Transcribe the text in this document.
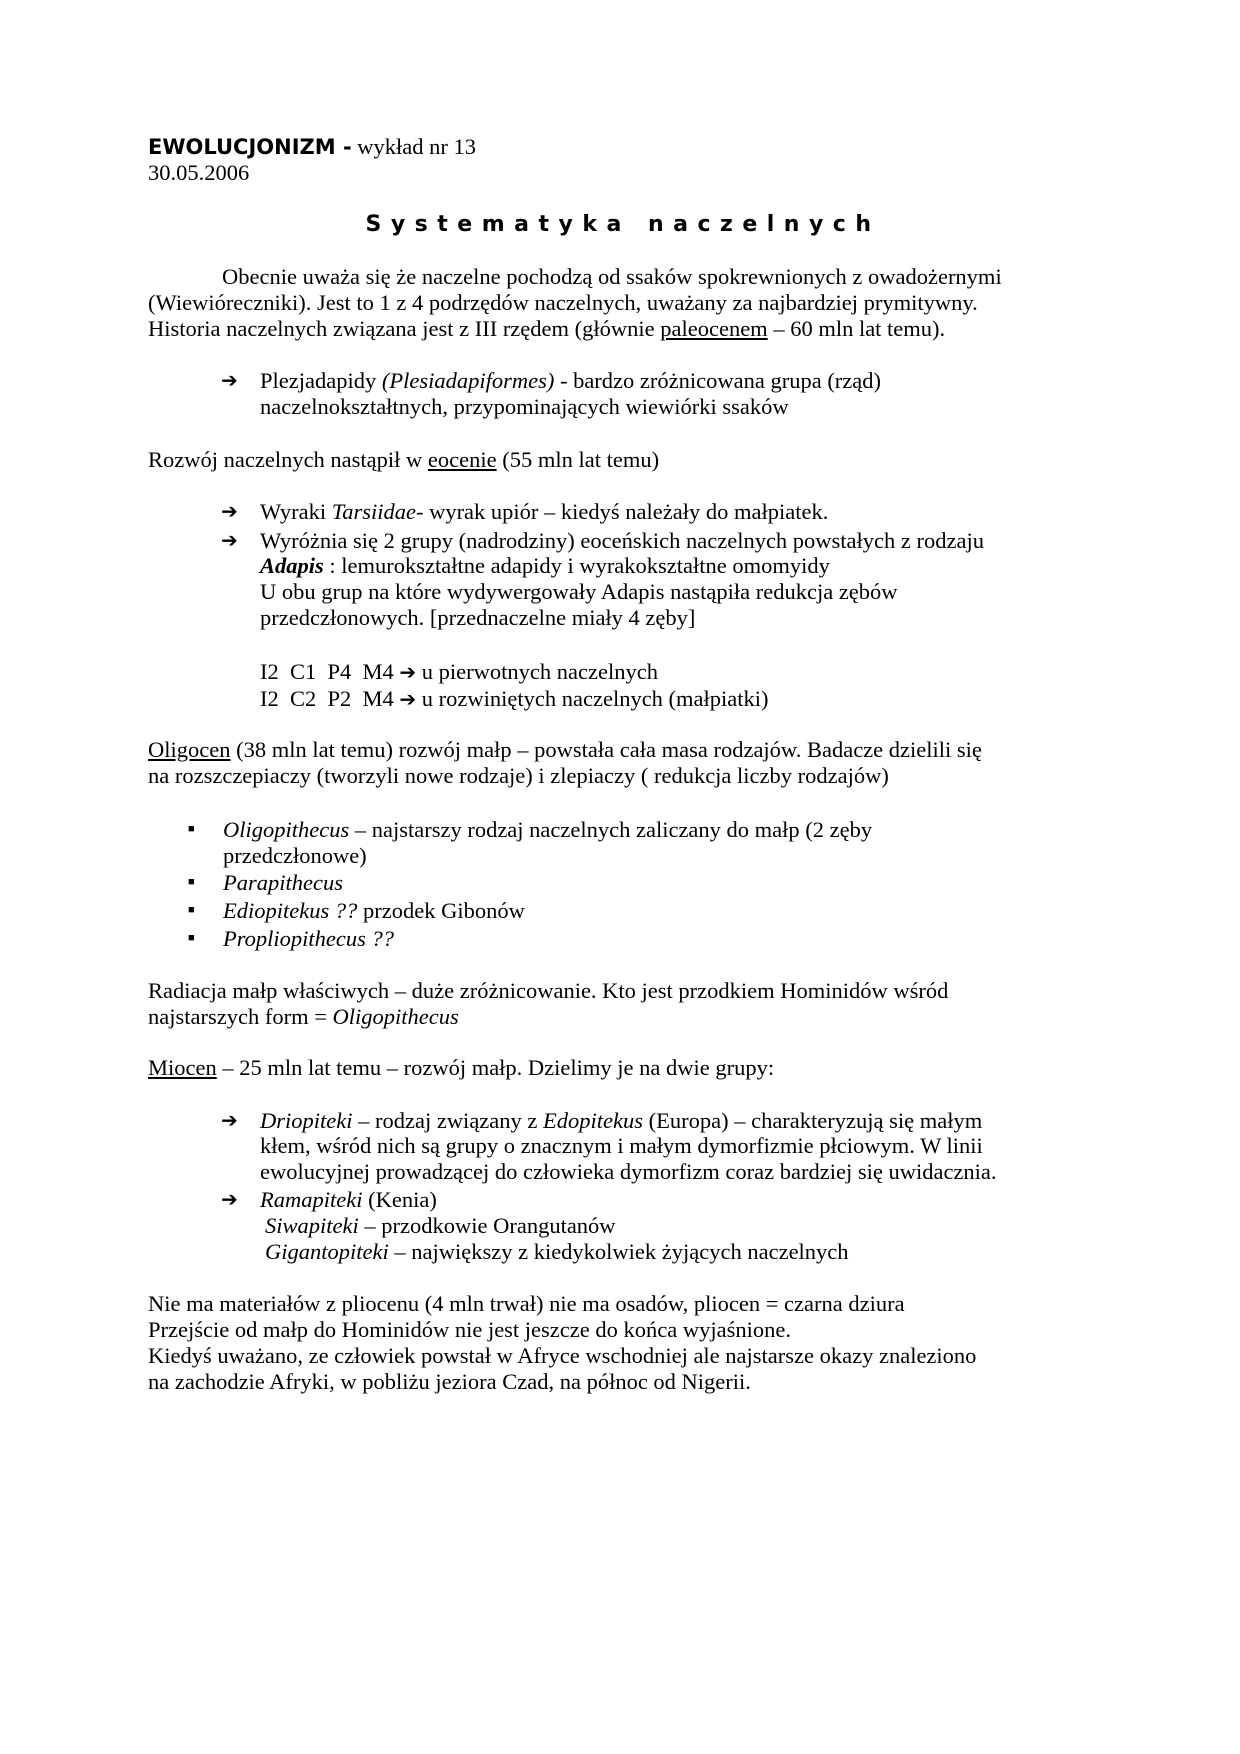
EWOLUCJONIZM - wykład nr 13
30.05.2006
Systematyka naczelnych
Obecnie uważa się że naczelne pochodzą od ssaków spokrewnionych z owadożernymi
(Wiewióreczniki). Jest to 1 z 4 podrzędów naczelnych, uważany za najbardziej prymitywny.
Historia naczelnych związana jest z III rzędem (głównie paleocenem – 60 mln lat temu).
➔ Plezjadapidy (Plesiadapiformes) - bardzo zróżnicowana grupa (rząd)
naczelnokształtnych, przypominających wiewiórki ssaków
Rozwój naczelnych nastąpił w eocenie (55 mln lat temu)
➔ Wyraki Tarsiidae- wyrak upiór – kiedyś należały do małpiatek.
➔ Wyróżnia się 2 grupy (nadrodziny) eoceńskich naczelnych powstałych z rodzaju
Adapis : lemurokształtne adapidy i wyrakokształtne omomyidy
U obu grup na które wydywergowały Adapis nastąpiła redukcja zębów
przedczłonowych. [przednaczelne miały 4 zęby]
I2  C1  P4  M4 ➔ u pierwotnych naczelnych
I2  C2  P2  M4 ➔ u rozwiniętych naczelnych (małpiatki)
Oligocen (38 mln lat temu) rozwój małp – powstała cała masa rodzajów. Badacze dzielili się
na rozszczepiaczy (tworzyli nowe rodzaje) i zlepiaczy ( redukcja liczby rodzajów)
■ Oligopithecus – najstarszy rodzaj naczelnych zaliczany do małp (2 zęby
przedczłonowe)
■ Parapithecus
■ Ediopitekus ?? przodek Gibonów
■ Propliopithecus ??
Radiacja małp właściwych – duże zróżnicowanie. Kto jest przodkiem Hominidów wśród
najstarszych form = Oligopithecus
Miocen – 25 mln lat temu – rozwój małp. Dzielimy je na dwie grupy:
➔ Driopiteki – rodzaj związany z Edopitekus (Europa) – charakteryzują się małym
kłem, wśród nich są grupy o znacznym i małym dymorfizmie płciowym. W linii
ewolucyjnej prowadzącej do człowieka dymorfizm coraz bardziej się uwidacznia.
➔ Ramapiteki (Kenia)
Siwapiteki – przodkowie Orangutanów
Gigantopiteki – największy z kiedykolwiek żyjących naczelnych
Nie ma materiałów z pliocenu (4 mln trwał) nie ma osadów, pliocen = czarna dziura
Przejście od małp do Hominidów nie jest jeszcze do końca wyjaśnione.
Kiedyś uważano, ze człowiek powstał w Afryce wschodniej ale najstarsze okazy znaleziono
na zachodzie Afryki, w pobliżu jeziora Czad, na północ od Nigerii.
